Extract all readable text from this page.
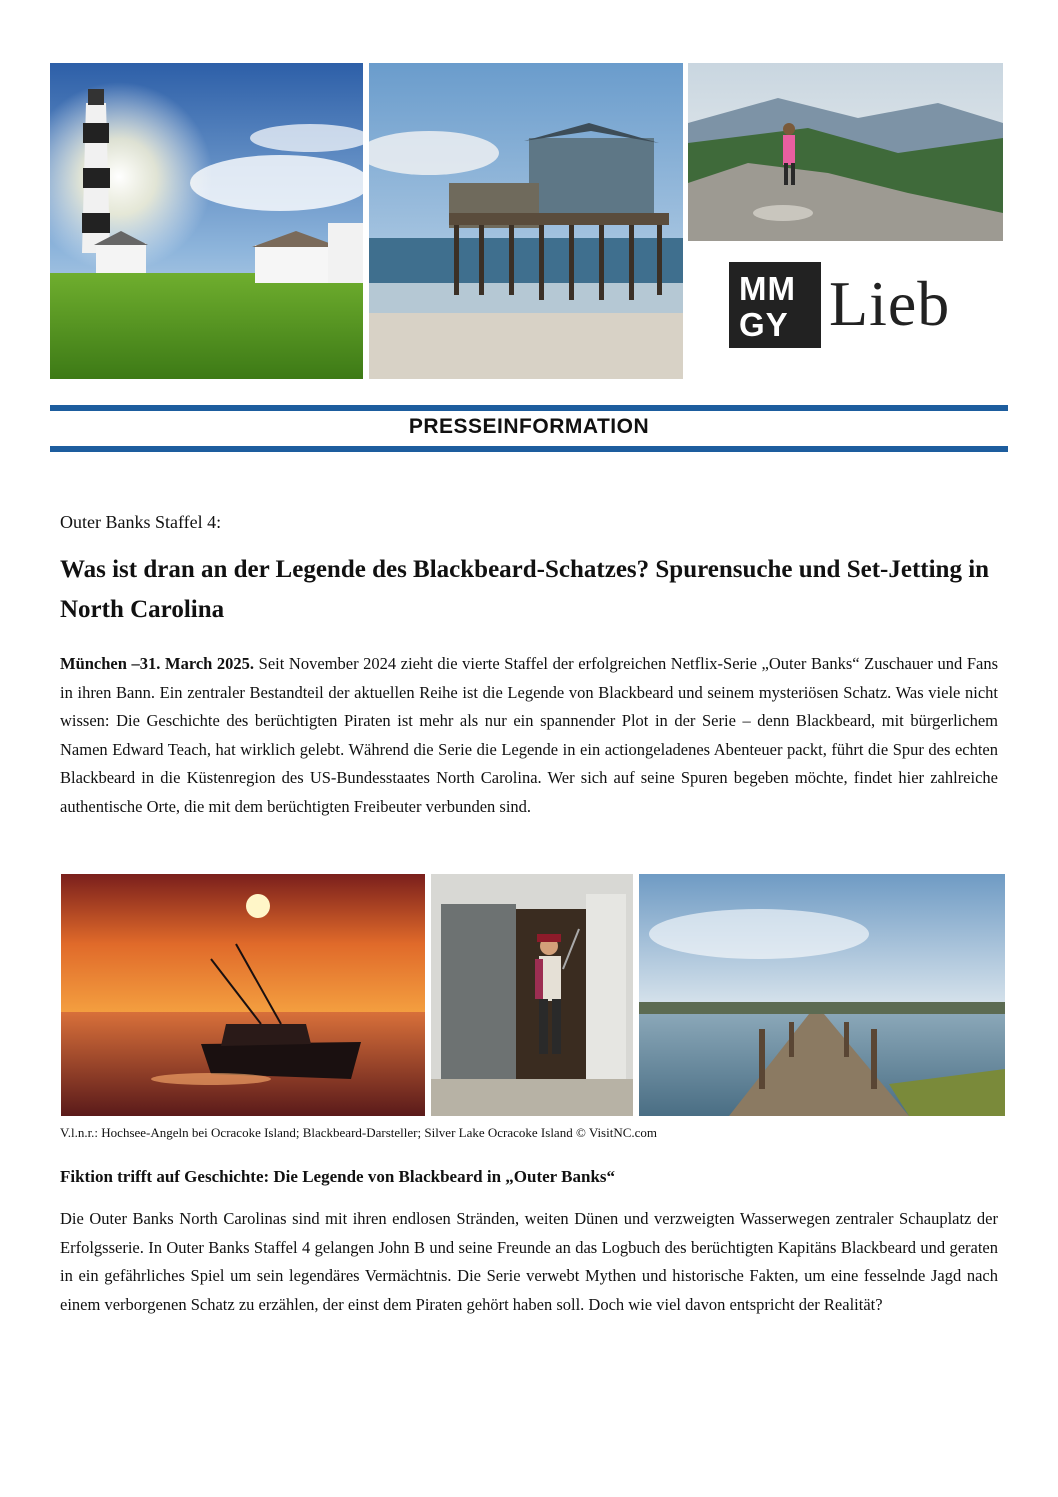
MM
GY Lieb
PRESSEINFORMATION
Outer Banks Staffel 4:
Was ist dran an der Legende des Blackbeard-Schatzes? Spurensuche und Set-Jetting in North Carolina
München –31. March 2025. Seit November 2024 zieht die vierte Staffel der erfolgreichen Netflix-Serie „Outer Banks“ Zuschauer und Fans in ihren Bann. Ein zentraler Bestandteil der aktuellen Reihe ist die Legende von Blackbeard und seinem mysteriösen Schatz. Was viele nicht wissen: Die Geschichte des berüchtigten Piraten ist mehr als nur ein spannender Plot in der Serie – denn Blackbeard, mit bürgerlichem Namen Edward Teach, hat wirklich gelebt. Während die Serie die Legende in ein actiongeladenes Abenteuer packt, führt die Spur des echten Blackbeard in die Küstenregion des US-Bundesstaates North Carolina. Wer sich auf seine Spuren begeben möchte, findet hier zahlreiche authentische Orte, die mit dem berüchtigten Freibeuter verbunden sind.
V.l.n.r.: Hochsee-Angeln bei Ocracoke Island; Blackbeard-Darsteller; Silver Lake Ocracoke Island © VisitNC.com
Fiktion trifft auf Geschichte: Die Legende von Blackbeard in „Outer Banks“
Die Outer Banks North Carolinas sind mit ihren endlosen Stränden, weiten Dünen und verzweigten Wasserwegen zentraler Schauplatz der Erfolgsserie. In Outer Banks Staffel 4 gelangen John B und seine Freunde an das Logbuch des berüchtigten Kapitäns Blackbeard und geraten in ein gefährliches Spiel um sein legendäres Vermächtnis. Die Serie verwebt Mythen und historische Fakten, um eine fesselnde Jagd nach einem verborgenen Schatz zu erzählen, der einst dem Piraten gehört haben soll. Doch wie viel davon entspricht der Realität?
